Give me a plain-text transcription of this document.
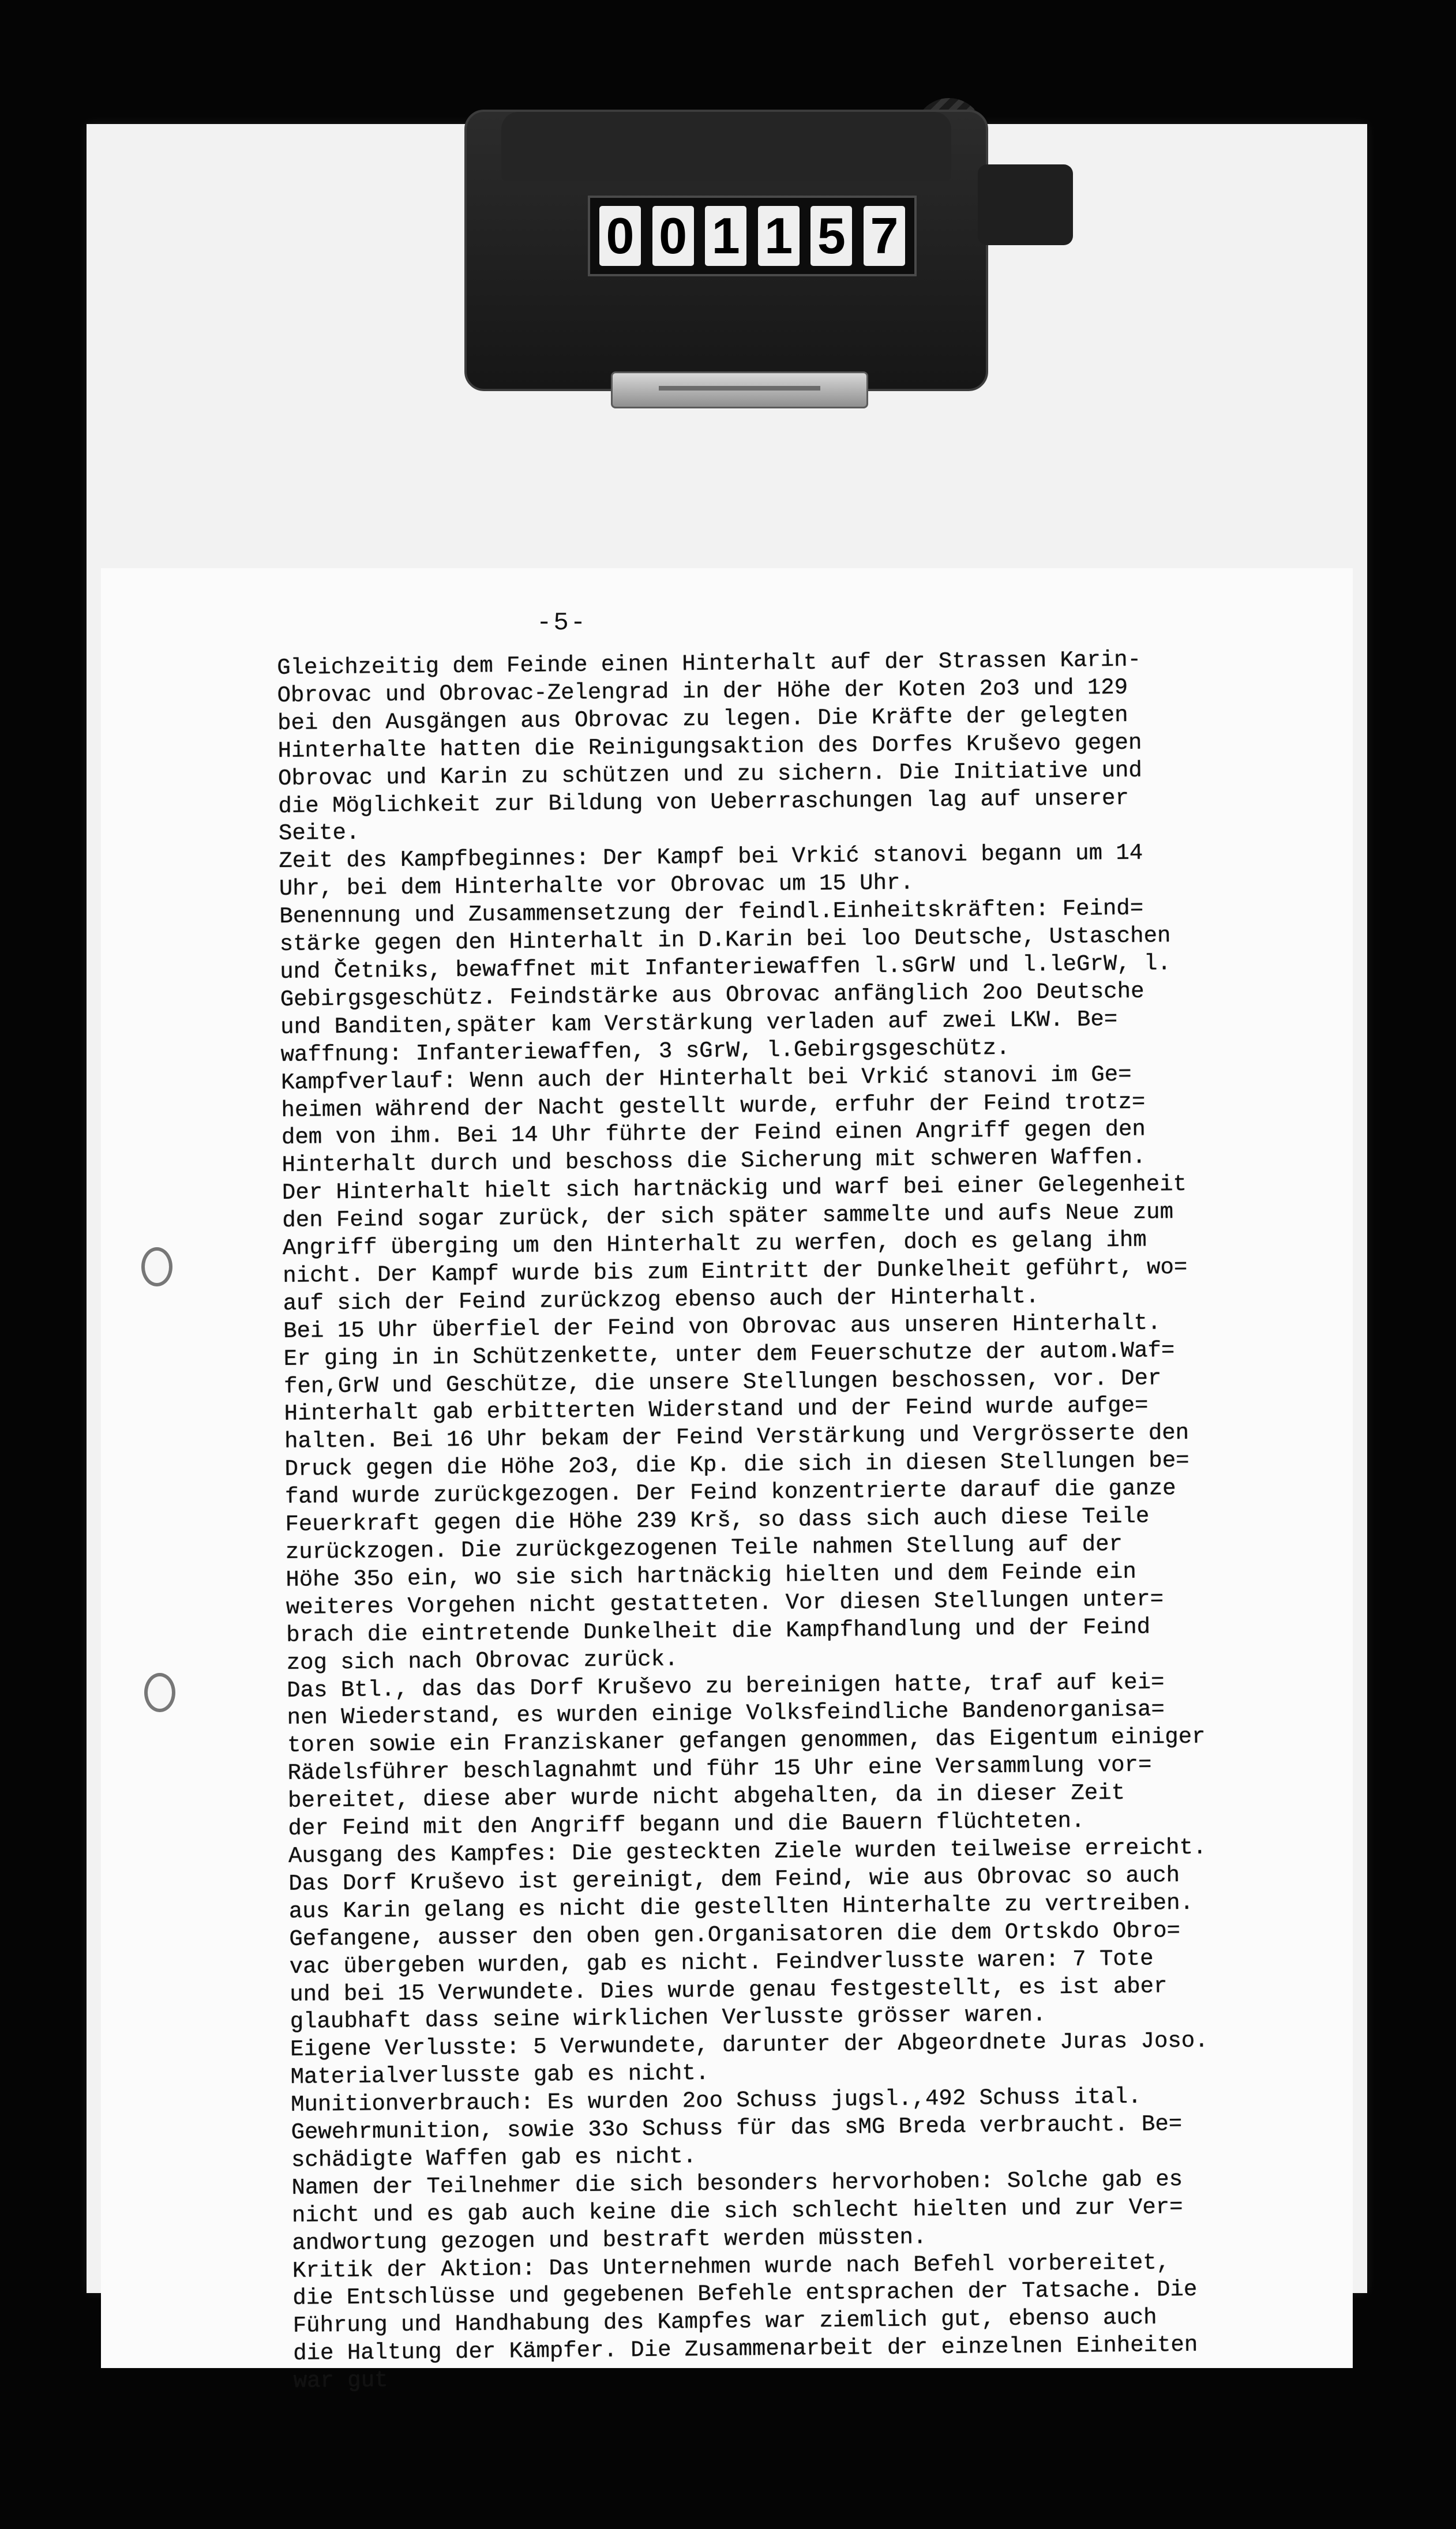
0 0 1 1 5 7
-5-
Gleichzeitig dem Feinde einen Hinterhalt auf der Strassen Karin-
Obrovac und Obrovac-Zelengrad in der Höhe der Koten 2o3 und 129
bei den Ausgängen aus Obrovac zu legen. Die Kräfte der gelegten
Hinterhalte hatten die Reinigungsaktion des Dorfes Kruševo gegen
Obrovac und Karin zu schützen und zu sichern. Die Initiative und
die Möglichkeit zur Bildung von Ueberraschungen lag auf unserer
Seite.
Zeit des Kampfbeginnes: Der Kampf bei Vrkić stanovi begann um 14
Uhr, bei dem Hinterhalte vor Obrovac um 15 Uhr.
Benennung und Zusammensetzung der feindl.Einheitskräften: Feind=
stärke gegen den Hinterhalt in D.Karin bei loo Deutsche, Ustaschen
und Četniks, bewaffnet mit Infanteriewaffen l.sGrW und l.leGrW, l.
Gebirgsgeschütz. Feindstärke aus Obrovac anfänglich 2oo Deutsche
und Banditen,später kam Verstärkung verladen auf zwei LKW. Be=
waffnung: Infanteriewaffen, 3 sGrW, l.Gebirgsgeschütz.
Kampfverlauf: Wenn auch der Hinterhalt bei Vrkić stanovi im Ge=
heimen während der Nacht gestellt wurde, erfuhr der Feind trotz=
dem von ihm. Bei 14 Uhr führte der Feind einen Angriff gegen den
Hinterhalt durch und beschoss die Sicherung mit schweren Waffen.
Der Hinterhalt hielt sich hartnäckig und warf bei einer Gelegenheit
den Feind sogar zurück, der sich später sammelte und aufs Neue zum
Angriff überging um den Hinterhalt zu werfen, doch es gelang ihm
nicht. Der Kampf wurde bis zum Eintritt der Dunkelheit geführt, wo=
auf sich der Feind zurückzog ebenso auch der Hinterhalt.
Bei 15 Uhr überfiel der Feind von Obrovac aus unseren Hinterhalt.
Er ging in in Schützenkette, unter dem Feuerschutze der autom.Waf=
fen,GrW und Geschütze, die unsere Stellungen beschossen, vor. Der
Hinterhalt gab erbitterten Widerstand und der Feind wurde aufge=
halten. Bei 16 Uhr bekam der Feind Verstärkung und Vergrösserte den
Druck gegen die Höhe 2o3, die Kp. die sich in diesen Stellungen be=
fand wurde zurückgezogen. Der Feind konzentrierte darauf die ganze
Feuerkraft gegen die Höhe 239 Krš, so dass sich auch diese Teile
zurückzogen. Die zurückgezogenen Teile nahmen Stellung auf der
Höhe 35o ein, wo sie sich hartnäckig hielten und dem Feinde ein
weiteres Vorgehen nicht gestatteten. Vor diesen Stellungen unter=
brach die eintretende Dunkelheit die Kampfhandlung und der Feind
zog sich nach Obrovac zurück.
Das Btl., das das Dorf Kruševo zu bereinigen hatte, traf auf kei=
nen Wiederstand, es wurden einige Volksfeindliche Bandenorganisa=
toren sowie ein Franziskaner gefangen genommen, das Eigentum einiger
Rädelsführer beschlagnahmt und führ 15 Uhr eine Versammlung vor=
bereitet, diese aber wurde nicht abgehalten, da in dieser Zeit
der Feind mit den Angriff begann und die Bauern flüchteten.
Ausgang des Kampfes: Die gesteckten Ziele wurden teilweise erreicht.
Das Dorf Kruševo ist gereinigt, dem Feind, wie aus Obrovac so auch
aus Karin gelang es nicht die gestellten Hinterhalte zu vertreiben.
Gefangene, ausser den oben gen.Organisatoren die dem Ortskdo Obro=
vac übergeben wurden, gab es nicht. Feindverlusste waren: 7 Tote
und bei 15 Verwundete. Dies wurde genau festgestellt, es ist aber
glaubhaft dass seine wirklichen Verlusste grösser waren.
Eigene Verlusste: 5 Verwundete, darunter der Abgeordnete Juras Joso.
Materialverlusste gab es nicht.
Munitionverbrauch: Es wurden 2oo Schuss jugsl.,492 Schuss ital.
Gewehrmunition, sowie 33o Schuss für das sMG Breda verbraucht. Be=
schädigte Waffen gab es nicht.
Namen der Teilnehmer die sich besonders hervorhoben: Solche gab es
nicht und es gab auch keine die sich schlecht hielten und zur Ver=
andwortung gezogen und bestraft werden müssten.
Kritik der Aktion: Das Unternehmen wurde nach Befehl vorbereitet,
die Entschlüsse und gegebenen Befehle entsprachen der Tatsache. Die
Führung und Handhabung des Kampfes war ziemlich gut, ebenso auch
die Haltung der Kämpfer. Die Zusammenarbeit der einzelnen Einheiten
war gut
